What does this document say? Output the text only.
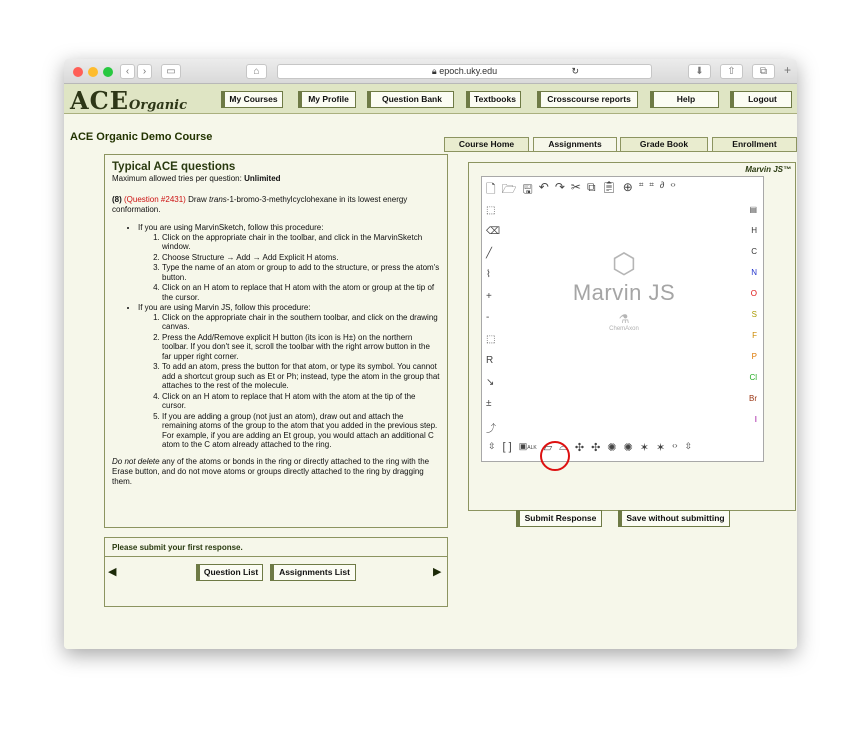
‹	›	▭	⌂	🔒︎ epoch.uky.edu	↻	⬇	⇧	⧉	+
ACEOrganic	My Courses	My Profile	Question Bank	Textbooks	Crosscourse reports	Help	Logout
ACE Organic Demo Course
Course Home	Assignments	Grade Book	Enrollment
Typical ACE questions

Maximum allowed tries per question: Unlimited

(8) (Question #2431) Draw trans-1-bromo-3-methylcyclohexane in its lowest energy conformation.

• If you are using MarvinSketch, follow this procedure:
1. Click on the appropriate chair in the toolbar, and click in the MarvinSketch window.
2. Choose Structure → Add → Add Explicit H atoms.
3. Type the name of an atom or group to add to the structure, or press the atom's button.
4. Click on an H atom to replace that H atom with the atom or group at the tip of the cursor.
• If you are using Marvin JS, follow this procedure:
1. Click on the appropriate chair in the southern toolbar, and click on the drawing canvas.
2. Press the Add/Remove explicit H button (its icon is H±) on the northern toolbar. If you don't see it, scroll the toolbar with the right arrow button in the far upper right corner.
3. To add an atom, press the button for that atom, or type its symbol. You cannot add a shortcut group such as Et or Ph; instead, type the atom in the group that attaches to the rest of the molecule.
4. Click on an H atom to replace that H atom with the atom at the tip of the cursor.
5. If you are adding a group (not just an atom), draw out and attach the remaining atoms of the group to the atom that you added in the previous step. For example, if you are adding an Et group, you would attach an additional C atom to the C atom already attached to the ring.

Do not delete any of the atoms or bonds in the ring or directly attached to the ring with the Erase button, and do not move atoms or groups directly attached to the ring by dragging them.

Please submit your first response.
◀	Question List	Assignments List	▶
Marvin JS™
🗋︎ 🗁︎ 🖫︎ ↶ ↷ ✂ ⧉ 📋︎ ⊕ ⌗ ⌗ ∂ ‹›
⬚
⌫
╱
⌇
+
-
⬚
R
↘
±
⤴
▤
H
C
N
O
S
F
P
Cl
Br
I
⬡
Marvin JS
⚗
ChemAxon
⇳ [ ] ▣ALK ⏥ ⌓ ✣ ✣ ✺ ✺ ✶ ✶ ‹› ⇳
Submit Response	Save without submitting
